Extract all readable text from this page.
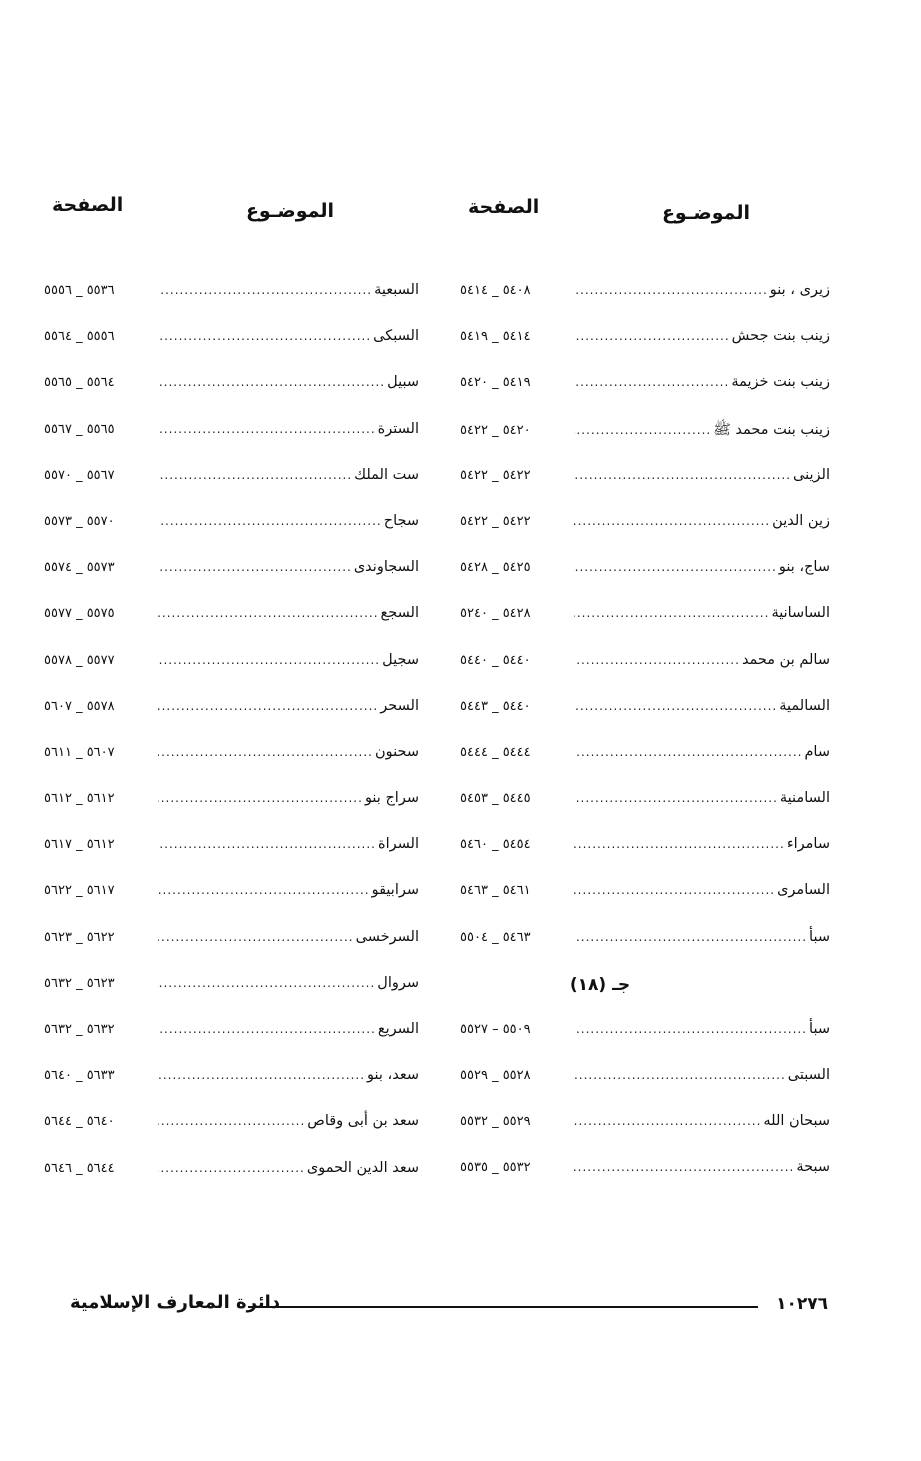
الموضـوع
الصفحة
زيرى ، بنو
.....
٥٤٠٨ _ ٥٤١٤
زينب بنت جحش
.....
٥٤١٤ _ ٥٤١٩
زينب بنت خزيمة
.....
٥٤١٩ _ ٥٤٢٠
زينب بنت محمد ﷺ
.....
٥٤٢٠ _ ٥٤٢٢
الزينى
.....
٥٤٢٢ _ ٥٤٢٢
زين الدين
.....
٥٤٢٢ _ ٥٤٢٢
ساج، بنو
.....
٥٤٢٥ _ ٥٤٢٨
الساسانية
.....
٥٤٢٨ _ ٥٢٤٠
سالم بن محمد
.....
٥٤٤٠ _ ٥٤٤٠
السالمية
.....
٥٤٤٠ _ ٥٤٤٣
سام
.....
٥٤٤٤ _ ٥٤٤٤
السامنية
.....
٥٤٤٥ _ ٥٤٥٣
سامراء
.....
٥٤٥٤ _ ٥٤٦٠
السامرى
.....
٥٤٦١ _ ٥٤٦٣
سبأ
.....
٥٤٦٣ _ ٥٥٠٤
جـ (١٨)
سبأ
.....
٥٥٠٩ – ٥٥٢٧
السبتى
.....
٥٥٢٨ _ ٥٥٢٩
سبحان الله
.....
٥٥٢٩ _ ٥٥٣٢
سبحة
.....
٥٥٣٢ _ ٥٥٣٥
الموضـوع
الصفحة
السبعية
.....
٥٥٣٦ _ ٥٥٥٦
السبكى
.....
٥٥٥٦ _ ٥٥٦٤
سبيل
.....
٥٥٦٤ _ ٥٥٦٥
السترة
.....
٥٥٦٥ _ ٥٥٦٧
ست الملك
.....
٥٥٦٧ _ ٥٥٧٠
سجاح
.....
٥٥٧٠ _ ٥٥٧٣
السجاوندى
.....
٥٥٧٣ _ ٥٥٧٤
السجع
.....
٥٥٧٥ _ ٥٥٧٧
سجيل
.....
٥٥٧٧ _ ٥٥٧٨
السحر
.....
٥٥٧٨ _ ٥٦٠٧
سحنون
.....
٥٦٠٧ _ ٥٦١١
سراج بنو
.....
٥٦١٢ _ ٥٦١٢
السراة
.....
٥٦١٢ _ ٥٦١٧
سرابيقو
.....
٥٦١٧ _ ٥٦٢٢
السرخسى
.....
٥٦٢٢ _ ٥٦٢٣
سروال
.....
٥٦٢٣ _ ٥٦٣٢
السريع
.....
٥٦٣٢ _ ٥٦٣٢
سعد، بنو
.....
٥٦٣٣ _ ٥٦٤٠
سعد بن أبى وقاص
.....
٥٦٤٠ _ ٥٦٤٤
سعد الدين الحموى
.....
٥٦٤٤ _ ٥٦٤٦
دائرة المعارف الإسلامية	١٠٢٧٦
